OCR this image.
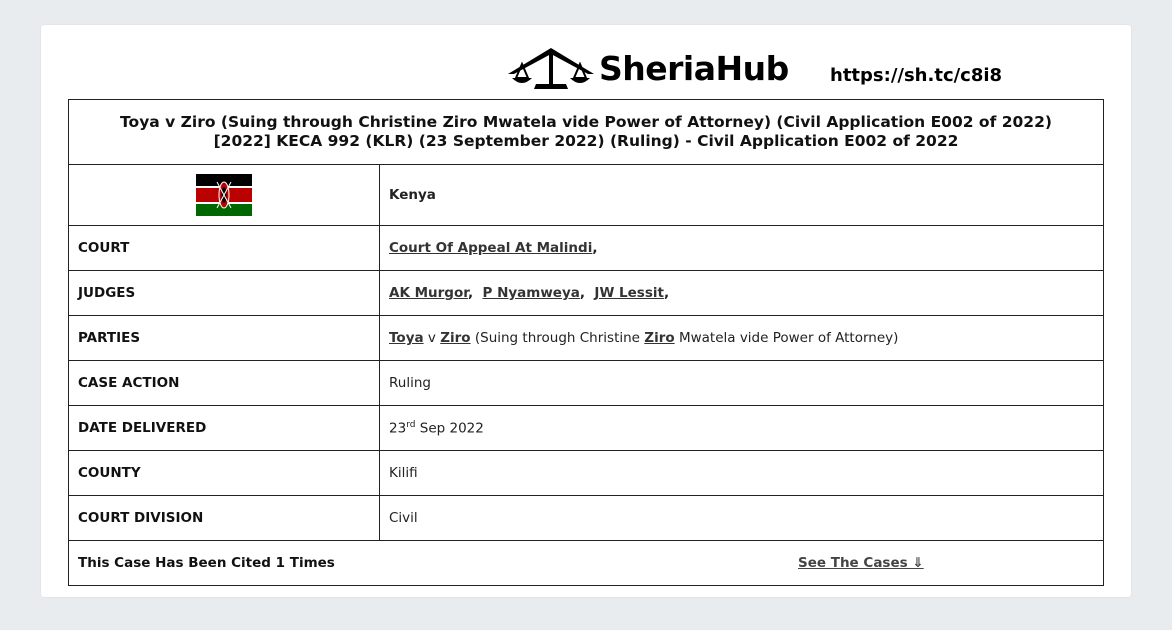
SheriaHub https://sh.tc/c8i8
Toya v Ziro (Suing through Christine Ziro Mwatela vide Power of Attorney) (Civil Application E002 of 2022)
[2022] KECA 992 (KLR) (23 September 2022) (Ruling) - Civil Application E002 of 2022	

	Kenya
COURT	Court Of Appeal At Malindi,
JUDGES	AK Murgor,  P Nyamweya,  JW Lessit,
PARTIES	Toya v Ziro (Suing through Christine Ziro Mwatela vide Power of Attorney)
CASE ACTION	Ruling
DATE DELIVERED	23rd Sep 2022
COUNTY	Kilifi
COURT DIVISION	Civil
This Case Has Been Cited 1 Times See The Cases ⇓	
